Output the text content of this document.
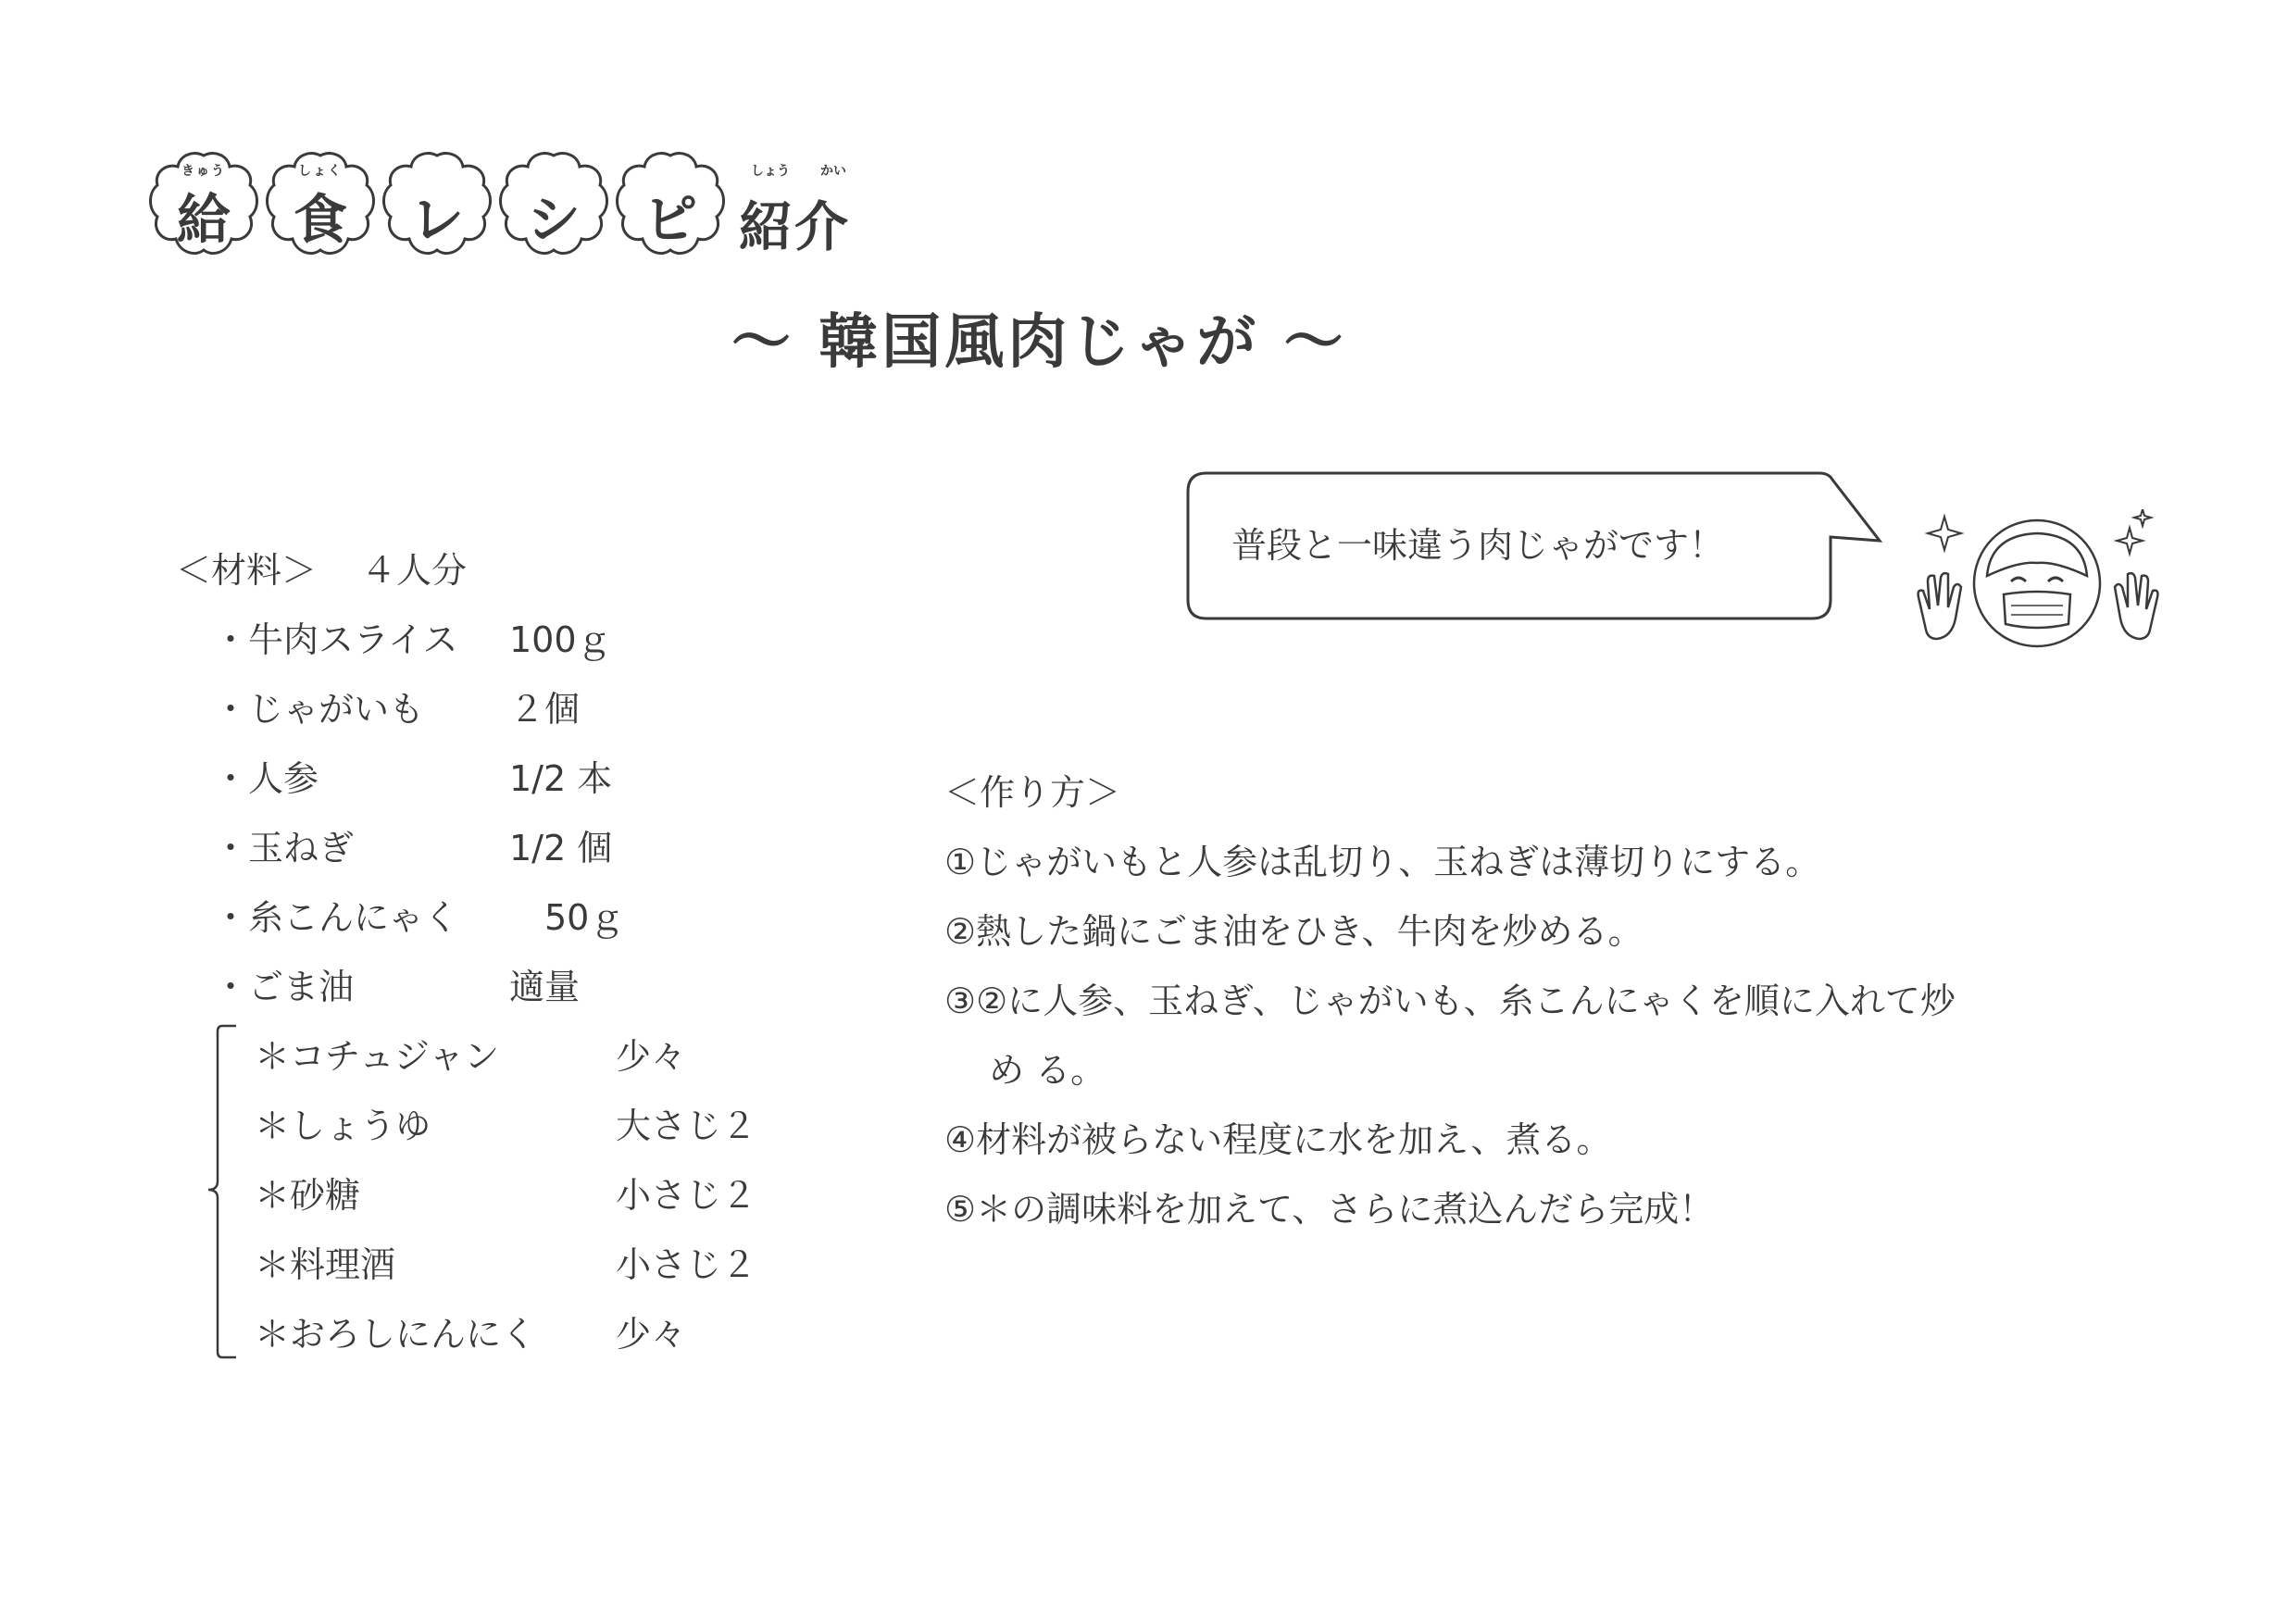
きゅう
給
しょく
食	レ	シ	ピ
しょう	かい
紹介
～ 韓国風肉じゃが ～
＜材料＞	４人分
・牛肉スライス	100ｇ
・じゃがいも	２個
・人参	1/2 本
・玉ねぎ	1/2 個
・糸こんにゃく	　50ｇ
・ごま油	適量
＊コチュジャン	少々
＊しょうゆ	大さじ２
＊砂糖	小さじ２
＊料理酒	小さじ２
＊おろしにんにく	少々
普段と一味違う肉じゃがです！
＜作り方＞
①じゃがいもと人参は乱切り、玉ねぎは薄切りにする。
②熱した鍋にごま油をひき、牛肉を炒める。
③②に人参、玉ねぎ、じゃがいも、糸こんにゃくを順に入れて炒
め る。
④材料が被らない程度に水を加え、煮る。
⑤＊の調味料を加えて、さらに煮込んだら完成！
